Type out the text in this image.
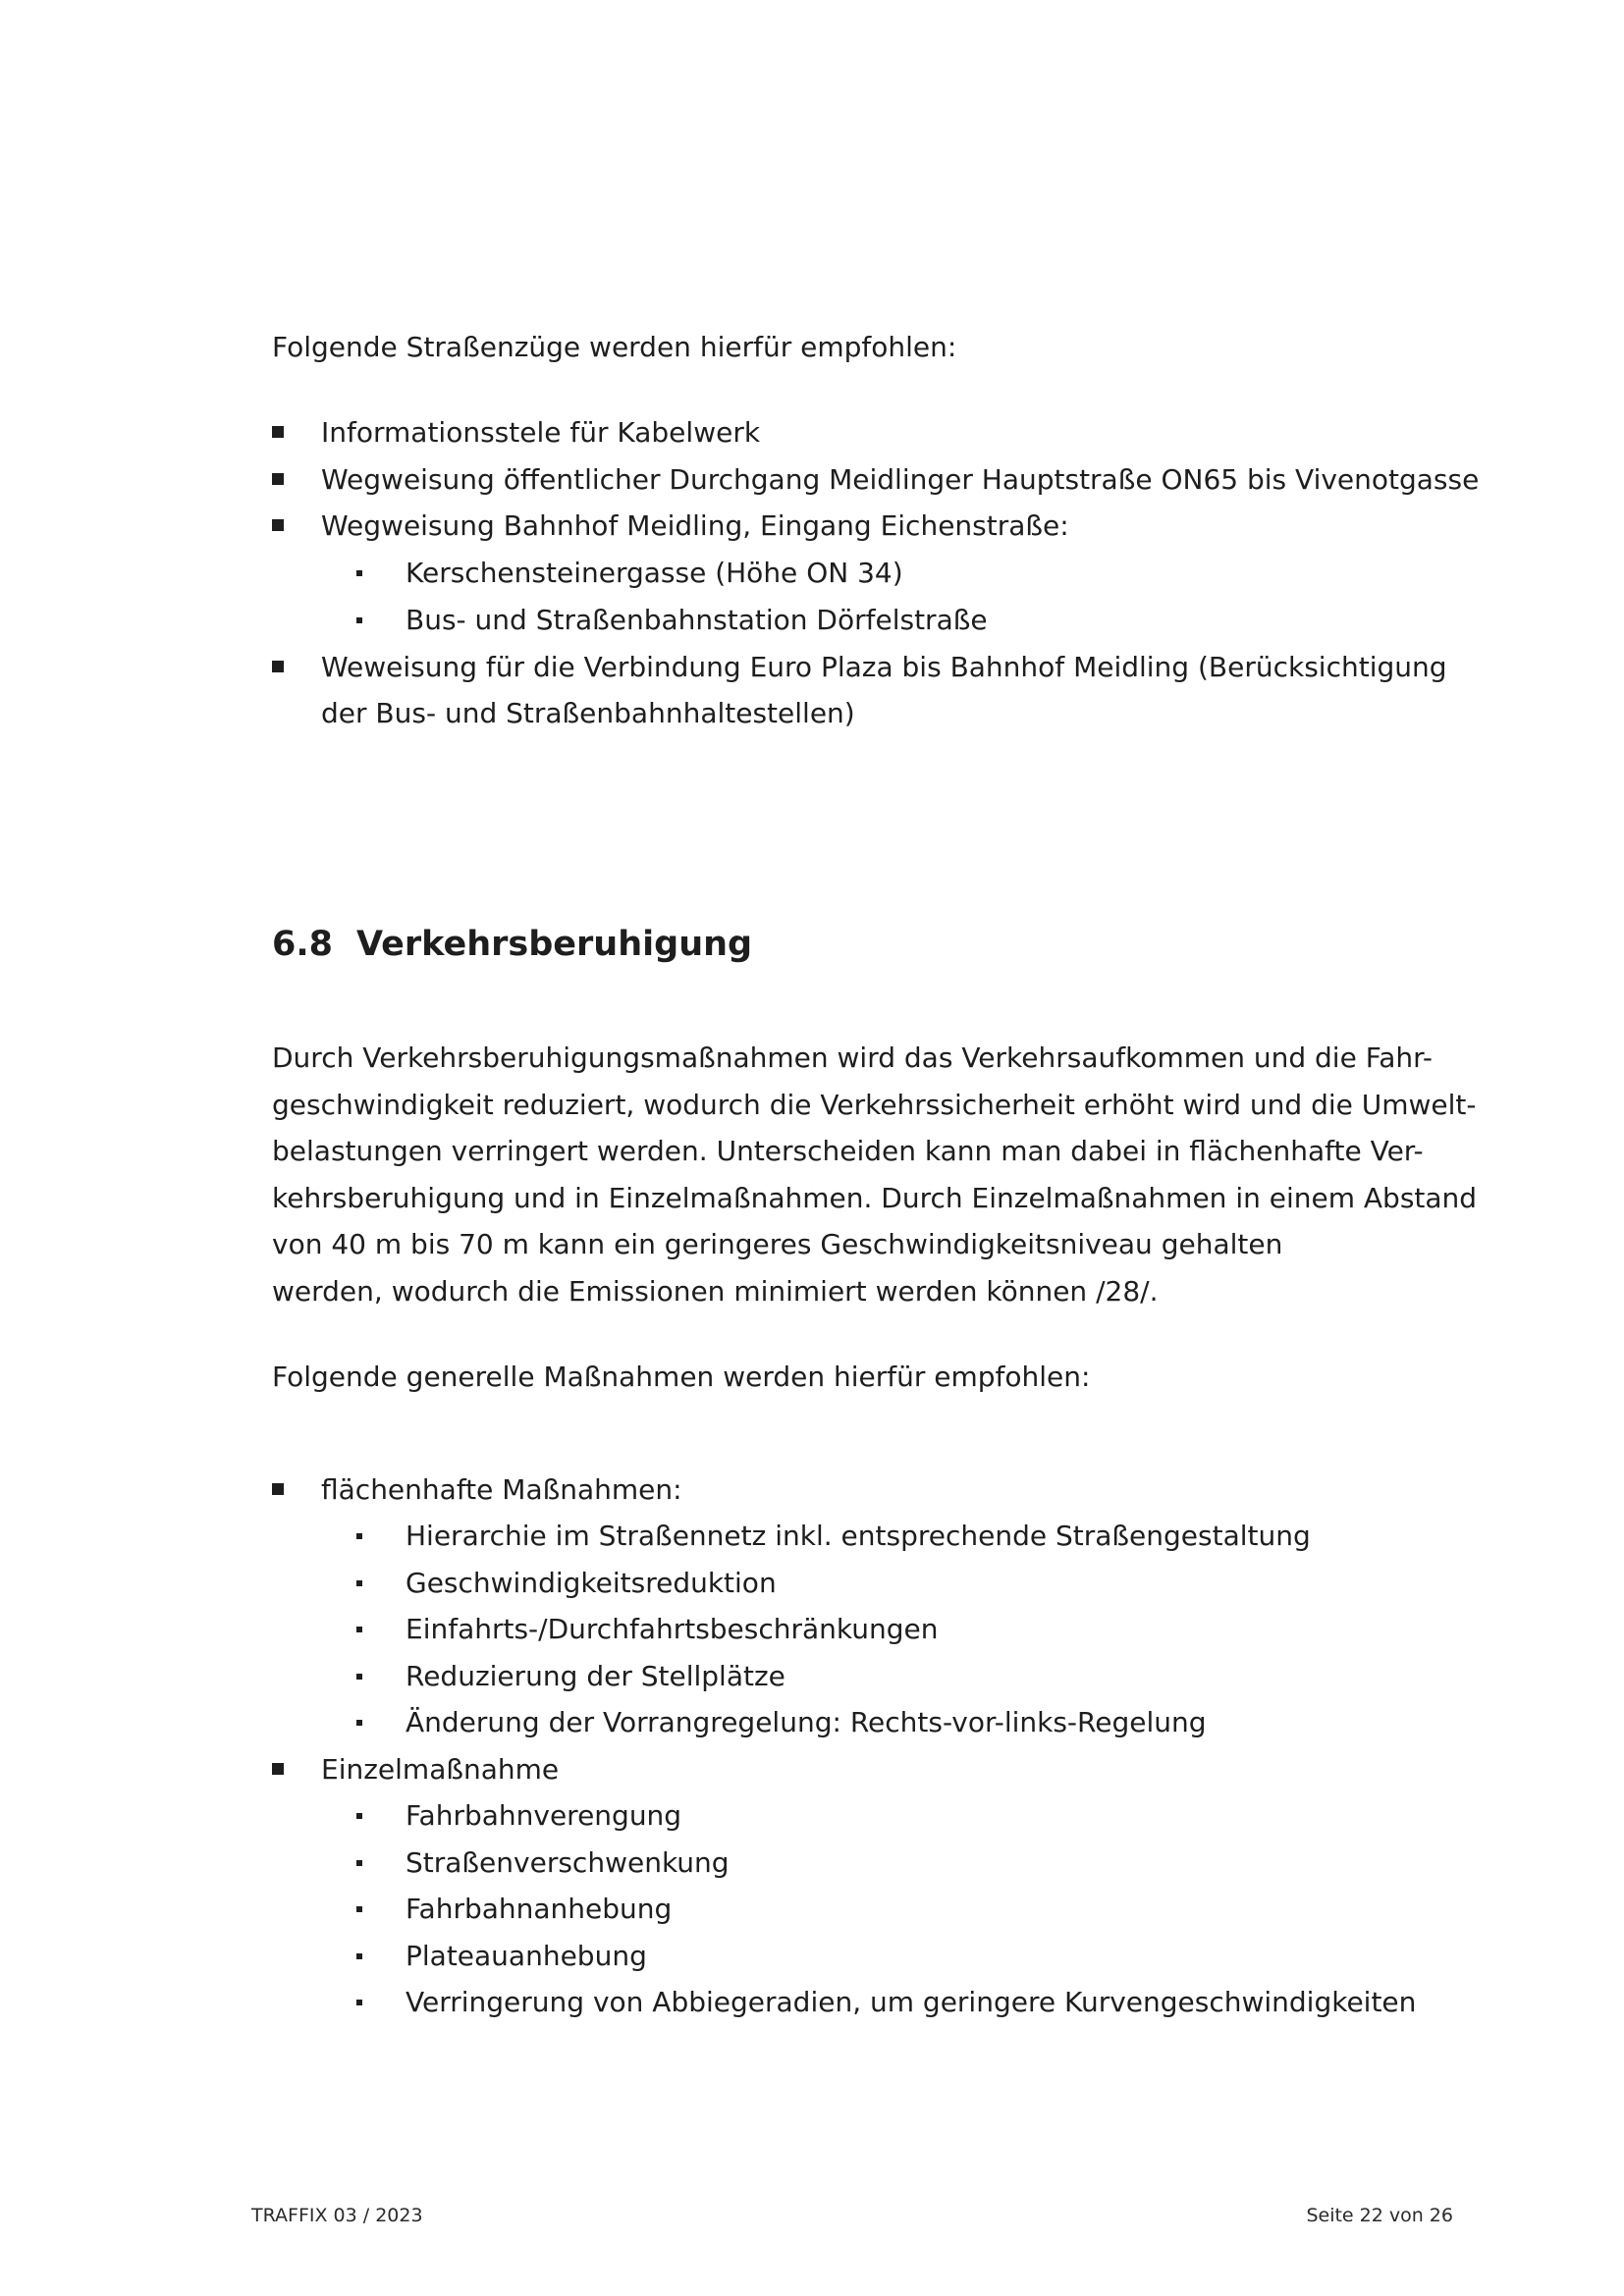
Folgende Straßenzüge werden hierfür empfohlen:
Informationsstele für Kabelwerk
Wegweisung öffentlicher Durchgang Meidlinger Hauptstraße ON65 bis Vivenotgasse
Wegweisung Bahnhof Meidling, Eingang Eichenstraße:
Kerschensteinergasse (Höhe ON 34)
Bus- und Straßenbahnstation Dörfelstraße
Weweisung für die Verbindung Euro Plaza bis Bahnhof Meidling (Berücksichtigung
der Bus- und Straßenbahnhaltestellen)
6.8 Verkehrsberuhigung
Durch Verkehrsberuhigungsmaßnahmen wird das Verkehrsaufkommen und die Fahr-
geschwindigkeit reduziert, wodurch die Verkehrssicherheit erhöht wird und die Umwelt-
belastungen verringert werden. Unterscheiden kann man dabei in flächenhafte Ver-
kehrsberuhigung und in Einzelmaßnahmen. Durch Einzelmaßnahmen in einem Abstand
von 40 m bis 70 m kann ein geringeres Geschwindigkeitsniveau gehalten
werden, wodurch die Emissionen minimiert werden können /28/.
Folgende generelle Maßnahmen werden hierfür empfohlen:
flächenhafte Maßnahmen:
Hierarchie im Straßennetz inkl. entsprechende Straßengestaltung
Geschwindigkeitsreduktion
Einfahrts-/Durchfahrtsbeschränkungen
Reduzierung der Stellplätze
Änderung der Vorrangregelung: Rechts-vor-links-Regelung
Einzelmaßnahme
Fahrbahnverengung
Straßenverschwenkung
Fahrbahnanhebung
Plateauanhebung
Verringerung von Abbiegeradien, um geringere Kurvengeschwindigkeiten
TRAFFIX 03 / 2023	Seite 22 von 26
